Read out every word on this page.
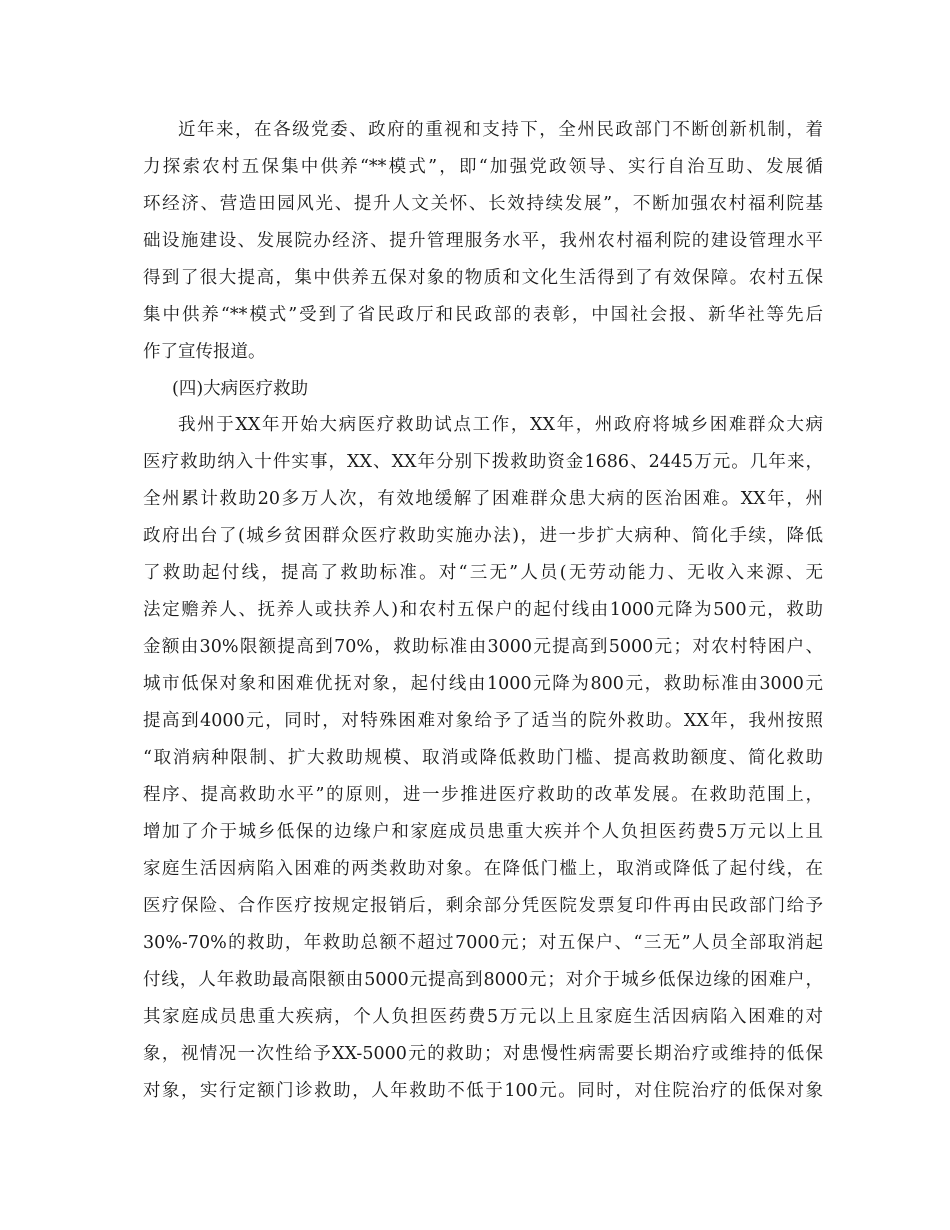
近年来，在各级党委、政府的重视和支持下，全州民政部门不断创新机制，着
力探索农村五保集中供养“**模式”，即“加强党政领导、实行自治互助、发展循
环经济、营造田园风光、提升人文关怀、长效持续发展”，不断加强农村福利院基
础设施建设、发展院办经济、提升管理服务水平，我州农村福利院的建设管理水平
得到了很大提高，集中供养五保对象的物质和文化生活得到了有效保障。农村五保
集中供养“**模式”受到了省民政厅和民政部的表彰，中国社会报、新华社等先后
作了宣传报道。
(四)大病医疗救助
我州于XX年开始大病医疗救助试点工作，XX年，州政府将城乡困难群众大病
医疗救助纳入十件实事，XX、XX年分别下拨救助资金1686、2445万元。几年来，
全州累计救助20多万人次，有效地缓解了困难群众患大病的医治困难。XX年，州
政府出台了(城乡贫困群众医疗救助实施办法)，进一步扩大病种、简化手续，降低
了救助起付线，提高了救助标准。对“三无”人员(无劳动能力、无收入来源、无
法定赡养人、抚养人或扶养人)和农村五保户的起付线由1000元降为500元，救助
金额由30%限额提高到70%，救助标准由3000元提高到5000元；对农村特困户、
城市低保对象和困难优抚对象，起付线由1000元降为800元，救助标准由3000元
提高到4000元，同时，对特殊困难对象给予了适当的院外救助。XX年，我州按照
“取消病种限制、扩大救助规模、取消或降低救助门槛、提高救助额度、简化救助
程序、提高救助水平”的原则，进一步推进医疗救助的改革发展。在救助范围上，
增加了介于城乡低保的边缘户和家庭成员患重大疾并个人负担医药费5万元以上且
家庭生活因病陷入困难的两类救助对象。在降低门槛上，取消或降低了起付线，在
医疗保险、合作医疗按规定报销后，剩余部分凭医院发票复印件再由民政部门给予
30%-70%的救助，年救助总额不超过7000元；对五保户、“三无”人员全部取消起
付线，人年救助最高限额由5000元提高到8000元；对介于城乡低保边缘的困难户，
其家庭成员患重大疾病，个人负担医药费5万元以上且家庭生活因病陷入困难的对
象，视情况一次性给予XX-5000元的救助；对患慢性病需要长期治疗或维持的低保
对象，实行定额门诊救助，人年救助不低于100元。同时，对住院治疗的低保对象
